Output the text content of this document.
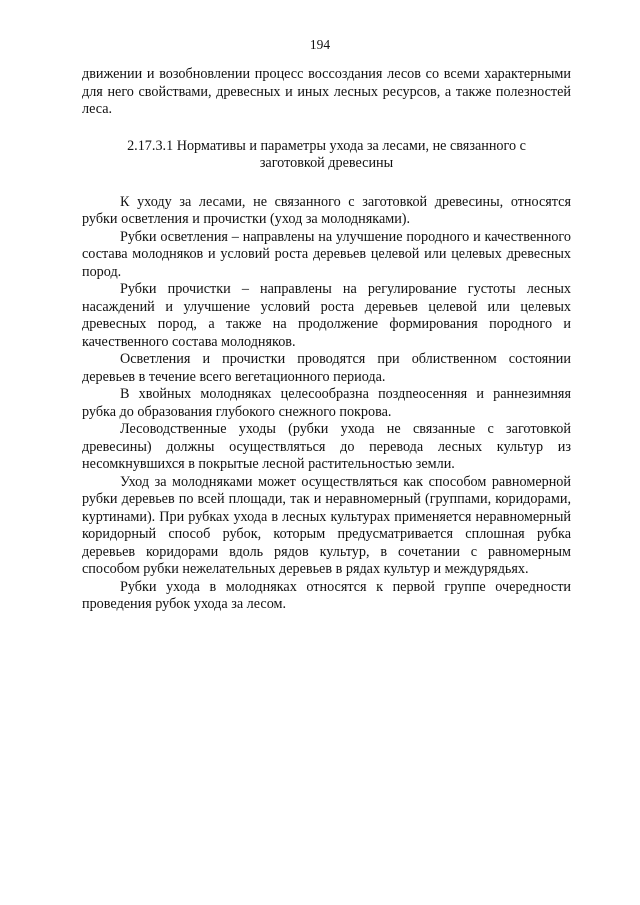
194

движении и возобновлении процесс воссоздания лесов со всеми характерными для него свойствами, древесных и иных лесных ресурсов, а также полезностей леса.

2.17.3.1 Нормативы и параметры ухода за лесами, не связанного с заготовкой древесины

К уходу за лесами, не связанного с заготовкой древесины, относятся рубки осветления и прочистки (уход за молодняками).

Рубки осветления – направлены на улучшение породного и качественного состава молодняков и условий роста деревьев целевой или целевых древесных пород.

Рубки прочистки – направлены на регулирование густоты лесных насаждений и улучшение условий роста деревьев целевой или целевых древесных пород, а также на продолжение формирования породного и качественного состава молодняков.

Осветления и прочистки проводятся при облиственном состоянии деревьев в течение всего вегетационного периода.

В хвойных молодняках целесообразна поздneосенняя и раннезимняя рубка до образования глубокого снежного покрова.

Лесоводственные уходы (рубки ухода не связанные с заготовкой древесины) должны осуществляться до перевода лесных культур из несомкнувшихся в покрытые лесной растительностью земли.

Уход за молодняками может осуществляться как способом равномерной рубки деревьев по всей площади, так и неравномерный (группами, коридорами, куртинами). При рубках ухода в лесных культурах применяется неравномерный коридорный способ рубок, которым предусматривается сплошная рубка деревьев коридорами вдоль рядов культур, в сочетании с равномерным способом рубки нежелательных деревьев в рядах культур и междурядьях.

Рубки ухода в молодняках относятся к первой группе очередности проведения рубок ухода за лесом.
